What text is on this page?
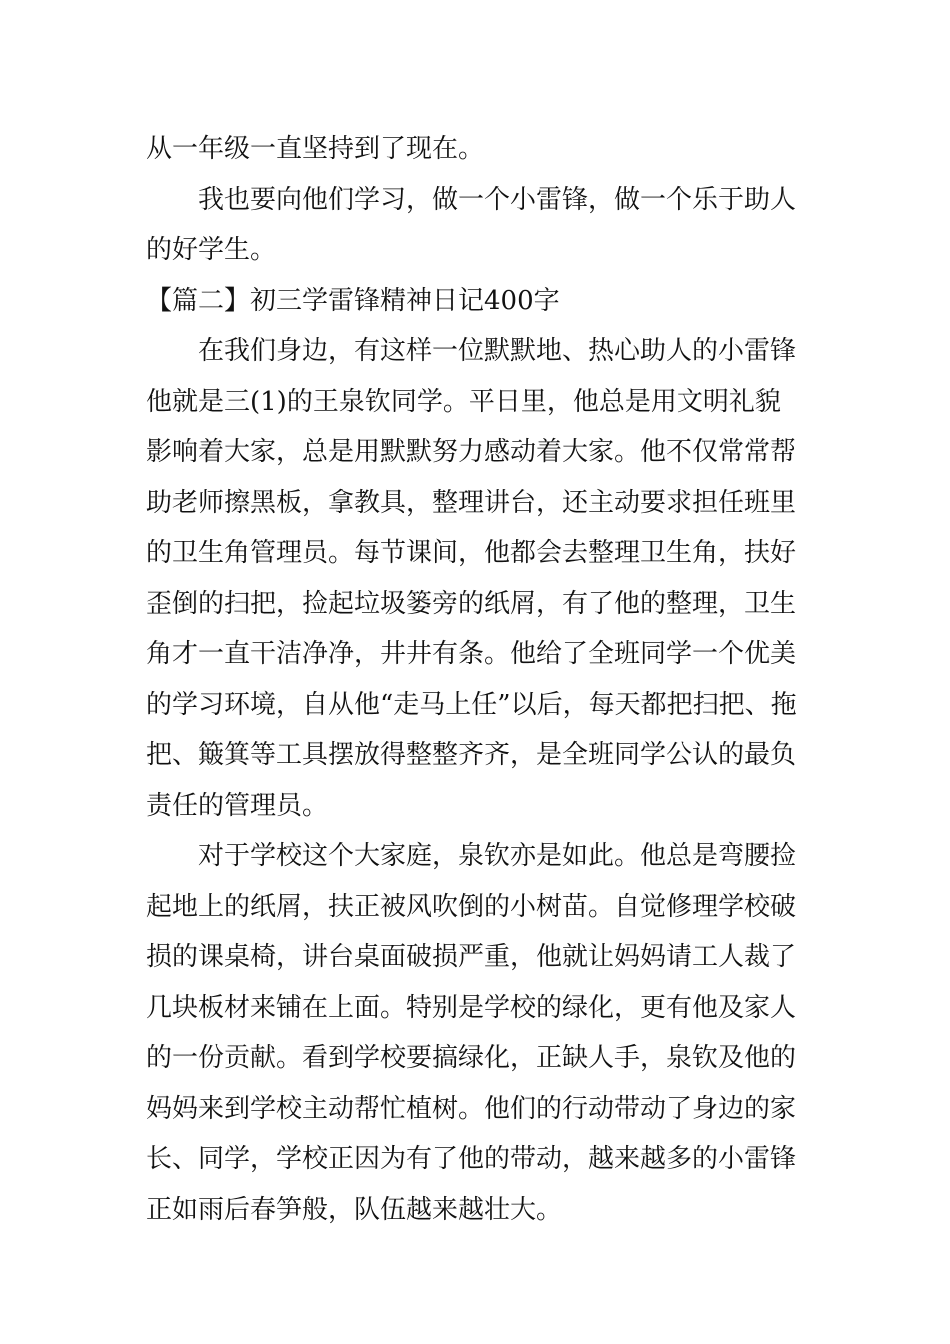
从一年级一直坚持到了现在。

我也要向他们学习，做一个小雷锋，做一个乐于助人的好学生。

【篇二】初三学雷锋精神日记400字

在我们身边，有这样一位默默地、热心助人的小雷锋他就是三(1)的王泉钦同学。平日里，他总是用文明礼貌影响着大家，总是用默默努力感动着大家。他不仅常常帮助老师擦黑板，拿教具，整理讲台，还主动要求担任班里的卫生角管理员。每节课间，他都会去整理卫生角，扶好歪倒的扫把，捡起垃圾篓旁的纸屑，有了他的整理，卫生角才一直干洁净净，井井有条。他给了全班同学一个优美的学习环境，自从他“走马上任”以后，每天都把扫把、拖把、簸箕等工具摆放得整整齐齐，是全班同学公认的最负责任的管理员。

对于学校这个大家庭，泉钦亦是如此。他总是弯腰捡起地上的纸屑，扶正被风吹倒的小树苗。自觉修理学校破损的课桌椅，讲台桌面破损严重，他就让妈妈请工人裁了几块板材来铺在上面。特别是学校的绿化，更有他及家人的一份贡献。看到学校要搞绿化，正缺人手，泉钦及他的妈妈来到学校主动帮忙植树。他们的行动带动了身边的家长、同学，学校正因为有了他的带动，越来越多的小雷锋正如雨后春笋般，队伍越来越壮大。
